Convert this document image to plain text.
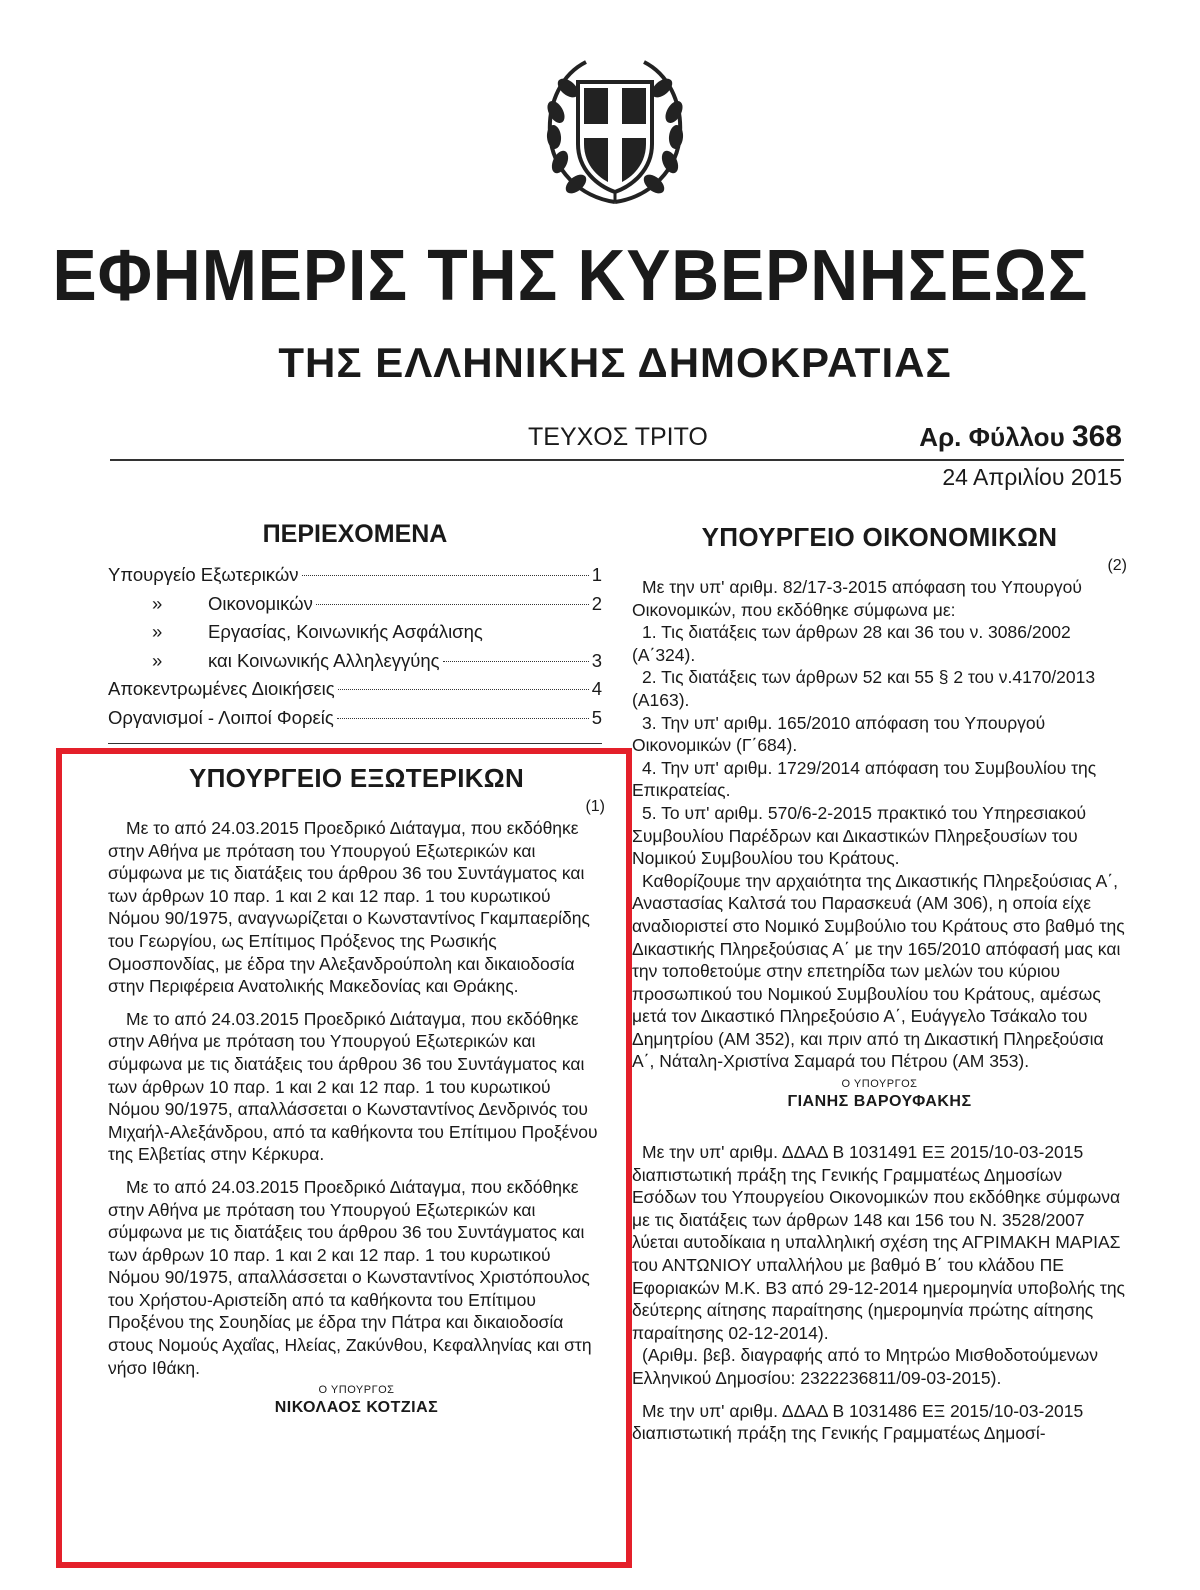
ΕΦΗΜΕΡΙΣ ΤΗΣ ΚΥΒΕΡΝΗΣΕΩΣ
ΤΗΣ ΕΛΛΗΝΙΚΗΣ ΔΗΜΟΚΡΑΤΙΑΣ
ΤΕΥΧΟΣ ΤΡΙΤΟ	Αρ. Φύλλου 368
24 Απριλίου 2015
ΠΕΡΙΕΧΟΜΕΝΑ
Υπουργείο Εξωτερικών	1
»	Οικονομικών	2
»	Εργασίας, Κοινωνικής Ασφάλισης
»	και Κοινωνικής Αλληλεγγύης	3
Αποκεντρωμένες Διοικήσεις	4
Οργανισμοί - Λοιποί Φορείς	5
ΥΠΟΥΡΓΕΙΟ ΕΞΩΤΕΡΙΚΩΝ
(1)

Με το από 24.03.2015 Προεδρικό Διάταγμα, που εκδόθηκε στην Αθήνα με πρόταση του Υπουργού Εξωτερικών και σύμφωνα με τις διατάξεις του άρθρου 36 του Συντάγματος και των άρθρων 10 παρ. 1 και 2 και 12 παρ. 1 του κυρωτικού Νόμου 90/1975, αναγνωρίζεται ο Κωνσταντίνος Γκαμπαερίδης του Γεωργίου, ως Επίτιμος Πρόξενος της Ρωσικής Ομοσπονδίας, με έδρα την Αλεξανδρούπολη και δικαιοδοσία στην Περιφέρεια Ανατολικής Μακεδονίας και Θράκης.

Με το από 24.03.2015 Προεδρικό Διάταγμα, που εκδόθηκε στην Αθήνα με πρόταση του Υπουργού Εξωτερικών και σύμφωνα με τις διατάξεις του άρθρου 36 του Συντάγματος και των άρθρων 10 παρ. 1 και 2 και 12 παρ. 1 του κυρωτικού Νόμου 90/1975, απαλλάσσεται ο Κωνσταντίνος Δενδρινός του Μιχαήλ-Αλεξάνδρου, από τα καθήκοντα του Επίτιμου Προξένου της Ελβετίας στην Κέρκυρα.

Με το από 24.03.2015 Προεδρικό Διάταγμα, που εκδόθηκε στην Αθήνα με πρόταση του Υπουργού Εξωτερικών και σύμφωνα με τις διατάξεις του άρθρου 36 του Συντάγματος και των άρθρων 10 παρ. 1 και 2 και 12 παρ. 1 του κυρωτικού Νόμου 90/1975, απαλλάσσεται ο Κωνσταντίνος Χριστόπουλος του Χρήστου-Αριστείδη από τα καθήκοντα του Επίτιμου Προξένου της Σουηδίας με έδρα την Πάτρα και δικαιοδοσία στους Νομούς Αχαΐας, Ηλείας, Ζακύνθου, Κεφαλληνίας και στη νήσο Ιθάκη.

Ο ΥΠΟΥΡΓΟΣ
ΝΙΚΟΛΑΟΣ ΚΟΤΖΙΑΣ
ΥΠΟΥΡΓΕΙΟ ΟΙΚΟΝΟΜΙΚΩΝ
(2)

Με την υπ' αριθμ. 82/17-3-2015 απόφαση του Υπουργού Οικονομικών, που εκδόθηκε σύμφωνα με:

1. Τις διατάξεις των άρθρων 28 και 36 του ν. 3086/2002 (Α΄324).

2. Τις διατάξεις των άρθρων 52 και 55 § 2 του ν.4170/2013 (Α163).

3. Την υπ' αριθμ. 165/2010 απόφαση του Υπουργού Οικονομικών (Γ΄684).

4. Την υπ' αριθμ. 1729/2014 απόφαση του Συμβουλίου της Επικρατείας.

5. Το υπ' αριθμ. 570/6-2-2015 πρακτικό του Υπηρεσιακού Συμβουλίου Παρέδρων και Δικαστικών Πληρεξουσίων του Νομικού Συμβουλίου του Κράτους.

Καθορίζουμε την αρχαιότητα της Δικαστικής Πληρεξούσιας Α΄, Αναστασίας Καλτσά του Παρασκευά (ΑΜ 306), η οποία είχε αναδιοριστεί στο Νομικό Συμβούλιο του Κράτους στο βαθμό της Δικαστικής Πληρεξούσιας Α΄ με την 165/2010 απόφασή μας και την τοποθετούμε στην επετηρίδα των μελών του κύριου προσωπικού του Νομικού Συμβουλίου του Κράτους, αμέσως μετά τον Δικαστικό Πληρεξούσιο Α΄, Ευάγγελο Τσάκαλο του Δημητρίου (ΑΜ 352), και πριν από τη Δικαστική Πληρεξούσια Α΄, Νάταλη-Χριστίνα Σαμαρά του Πέτρου (ΑΜ 353).

Ο ΥΠΟΥΡΓΟΣ
ΓΙΑΝΗΣ ΒΑΡΟΥΦΑΚΗΣ

Με την υπ' αριθμ. ΔΔΑΔ Β 1031491 ΕΞ 2015/10-03-2015 διαπιστωτική πράξη της Γενικής Γραμματέως Δημοσίων Εσόδων του Υπουργείου Οικονομικών που εκδόθηκε σύμφωνα με τις διατάξεις των άρθρων 148 και 156 του Ν. 3528/2007 λύεται αυτοδίκαια η υπαλληλική σχέση της ΑΓΡΙΜΑΚΗ ΜΑΡΙΑΣ του ΑΝΤΩΝΙΟΥ υπαλλήλου με βαθμό Β΄ του κλάδου ΠΕ Εφοριακών Μ.Κ. Β3 από 29-12-2014 ημερομηνία υποβολής της δεύτερης αίτησης παραίτησης (ημερομηνία πρώτης αίτησης παραίτησης 02-12-2014).

(Αριθμ. βεβ. διαγραφής από το Μητρώο Μισθοδοτούμενων Ελληνικού Δημοσίου: 2322236811/09-03-2015).

Με την υπ' αριθμ. ΔΔΑΔ Β 1031486 ΕΞ 2015/10-03-2015 διαπιστωτική πράξη της Γενικής Γραμματέως Δημοσί-
